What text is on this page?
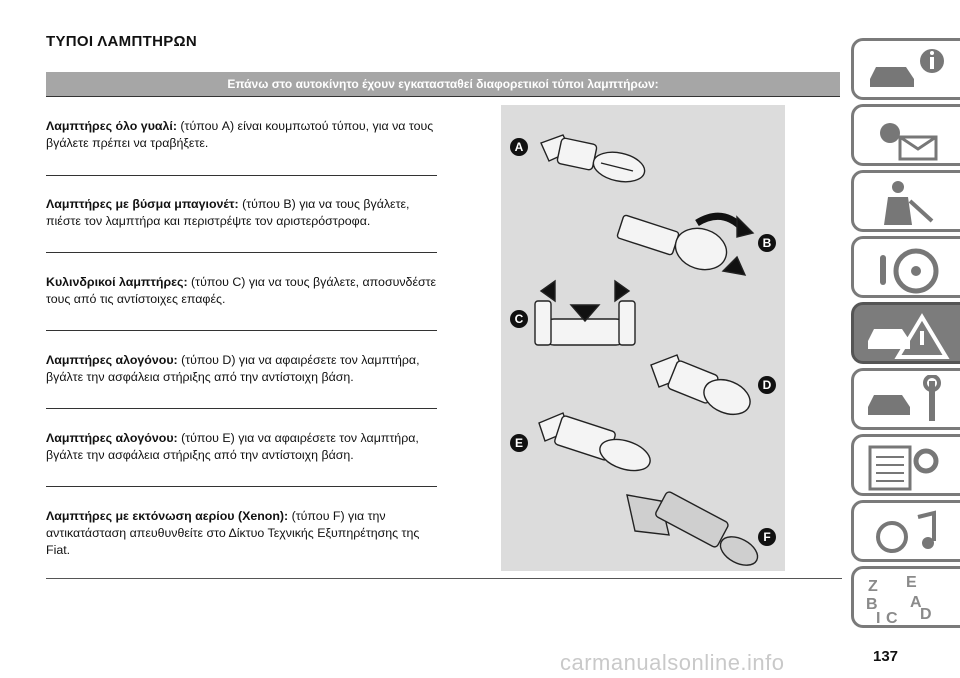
ΤΥΠΟΙ ΛΑΜΠΤΗΡΩΝ
Επάνω στο αυτοκίνητο έχουν εγκατασταθεί διαφορετικοί τύποι λαμπτήρων:
Λαμπτήρες όλο γυαλί: (τύπου A) είναι κουμπωτού τύπου, για να τους βγάλετε πρέπει να τραβήξετε.
Λαμπτήρες με βύσμα μπαγιονέτ: (τύπου B) για να τους βγάλετε, πιέστε τον λαμπτήρα και περιστρέψτε τον αριστερόστροφα.
Κυλινδρικοί λαμπτήρες: (τύπου C) για να τους βγάλετε, αποσυνδέστε τους από τις αντίστοιχες επαφές.
Λαμπτήρες αλογόνου: (τύπου D) για να αφαιρέσετε τον λαμπτήρα, βγάλτε την ασφάλεια στήριξης από την αντίστοιχη βάση.
Λαμπτήρες αλογόνου: (τύπου E) για να αφαιρέσετε τον λαμπτήρα, βγάλτε την ασφάλεια στήριξης από την αντίστοιχη βάση.
Λαμπτήρες με εκτόνωση αερίου (Xenon): (τύπου F) για την αντικατάσταση απευθυνθείτε στο Δίκτυο Τεχνικής Εξυπηρέτησης της Fiat.
A
B
C
D
E
F
Z E
B A
I C D
carmanualsonline.info	137
